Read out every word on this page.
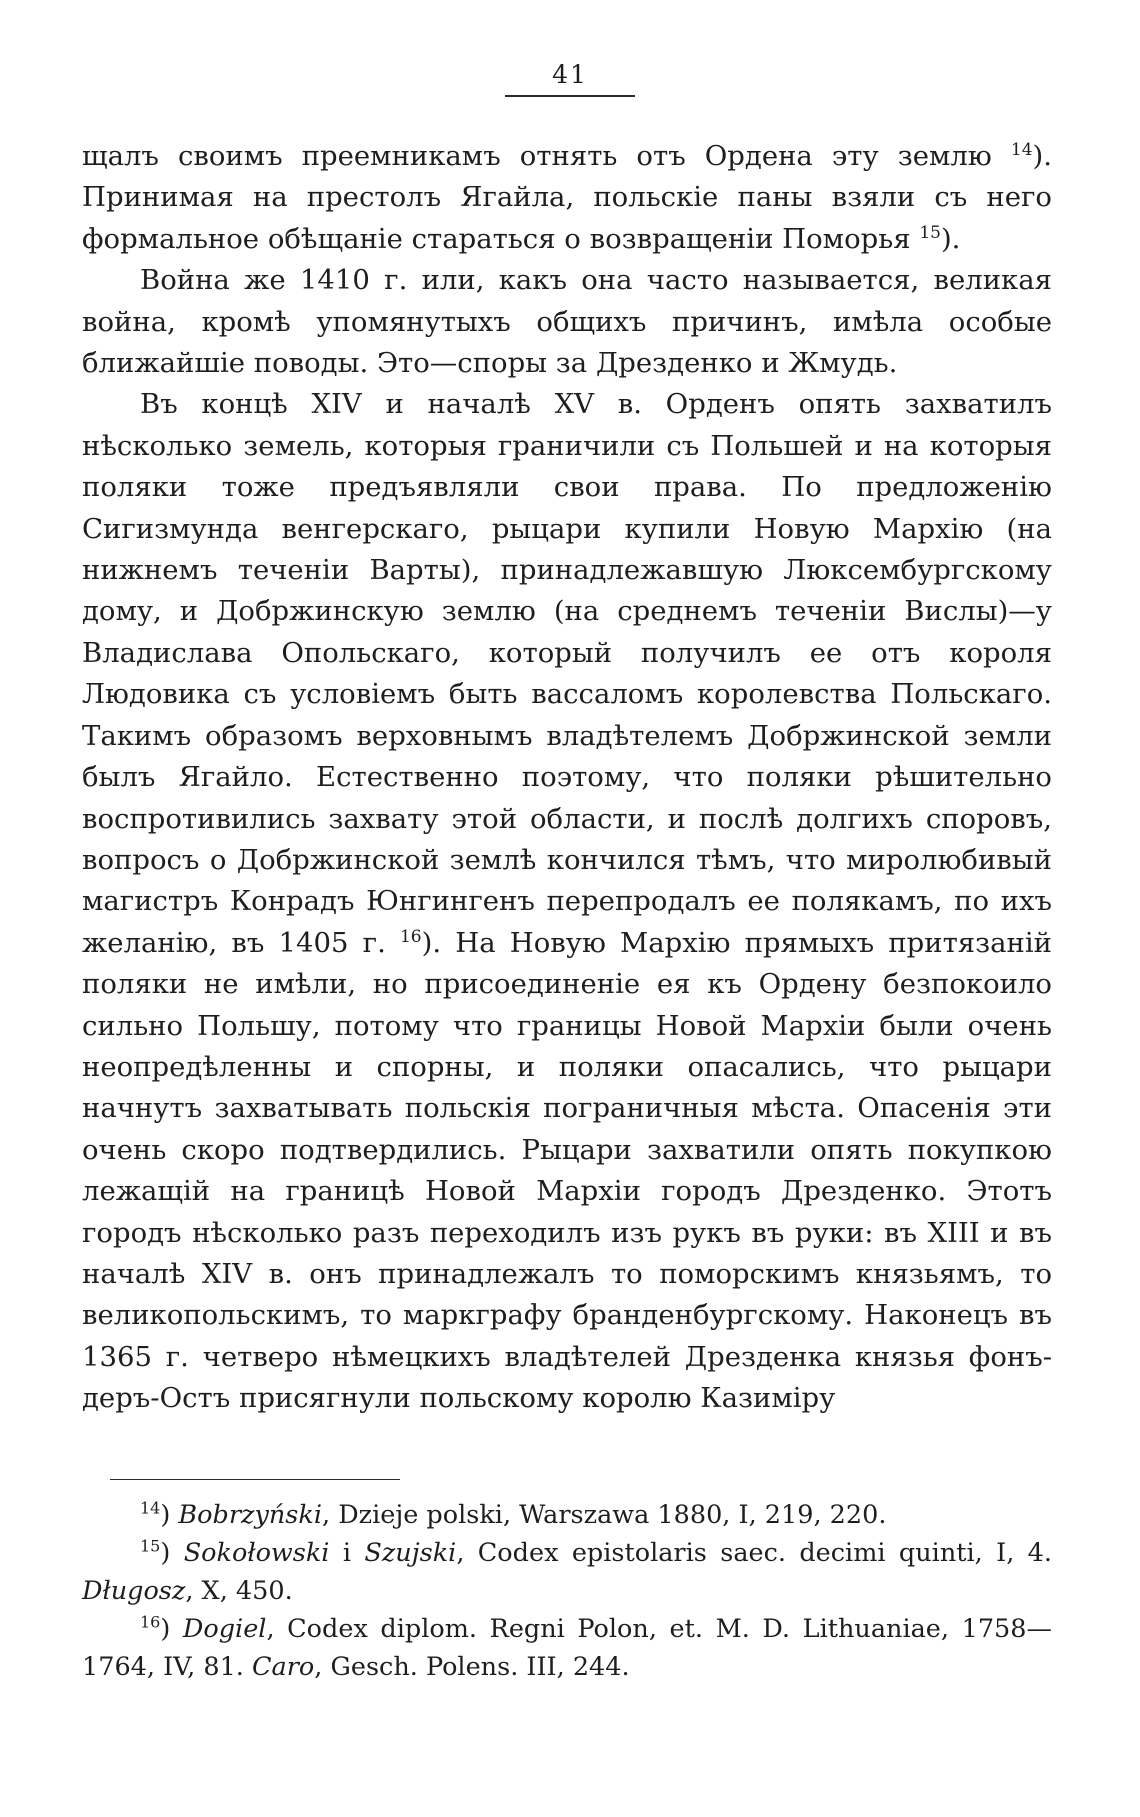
41

щалъ своимъ преемникамъ отнять отъ Ордена эту землю $^{14}$). Принимая на престолъ Ягайла, польскіе паны взяли съ него формальное обѣщаніе стараться о возвращеніи Поморья $^{15}$).

Война же 1410 г. или, какъ она часто называется, великая война, кромѣ упомянутыхъ общихъ причинъ, имѣла особые ближайшіе поводы. Это—споры за Дрезденко и Жмудь.

Въ концѣ XIV и началѣ XV в. Орденъ опять захватилъ нѣсколько земель, которыя граничили съ Польшей и на которыя поляки тоже предъявляли свои права. По предложенію Сигизмунда венгерскаго, рыцари купили Новую Мархію (на нижнемъ теченіи Варты), принадлежавшую Люксембургскому дому, и Добржинскую землю (на среднемъ теченіи Вислы)—у Владислава Опольскаго, который получилъ ее отъ короля Людовика съ условіемъ быть вассаломъ королевства Польскаго. Такимъ образомъ верховнымъ владѣтелемъ Добржинской земли былъ Ягайло. Естественно поэтому, что поляки рѣшительно воспротивились захвату этой области, и послѣ долгихъ споровъ, вопросъ о Добржинской землѣ кончился тѣмъ, что миролюбивый магистръ Конрадъ Юнгингенъ перепродалъ ее полякамъ, по ихъ желанію, въ 1405 г. $^{16}$). На Новую Мархію прямыхъ притязаній поляки не имѣли, но присоединеніе ея къ Ордену безпокоило сильно Польшу, потому что границы Новой Мархіи были очень неопредѣленны и спорны, и поляки опасались, что рыцари начнутъ захватывать польскія пограничныя мѣста. Опасенія эти очень скоро подтвердились. Рыцари захватили опять покупкою лежащій на границѣ Новой Мархіи городъ Дрезденко. Этотъ городъ нѣсколько разъ переходилъ изъ рукъ въ руки: въ XIII и въ началѣ XIV в. онъ принадлежалъ то поморскимъ князьямъ, то великопольскимъ, то маркграфу бранденбургскому. Наконецъ въ 1365 г. четверо нѣмецкихъ владѣтелей Дрезденка князья фонъ-деръ-Остъ присягнули польскому королю Казиміру

$^{14}$) Bobrzyński, Dzieje polski, Warszawa 1880, I, 219, 220.

$^{15}$) Sokołowski i Szujski, Codex epistolaris saec. decimi quinti, I, 4. Długosz, X, 450.

$^{16}$) Dogiel, Codex diplom. Regni Polon, et. M. D. Lithuaniae, 1758—1764, IV, 81. Caro, Gesch. Polens. III, 244.
